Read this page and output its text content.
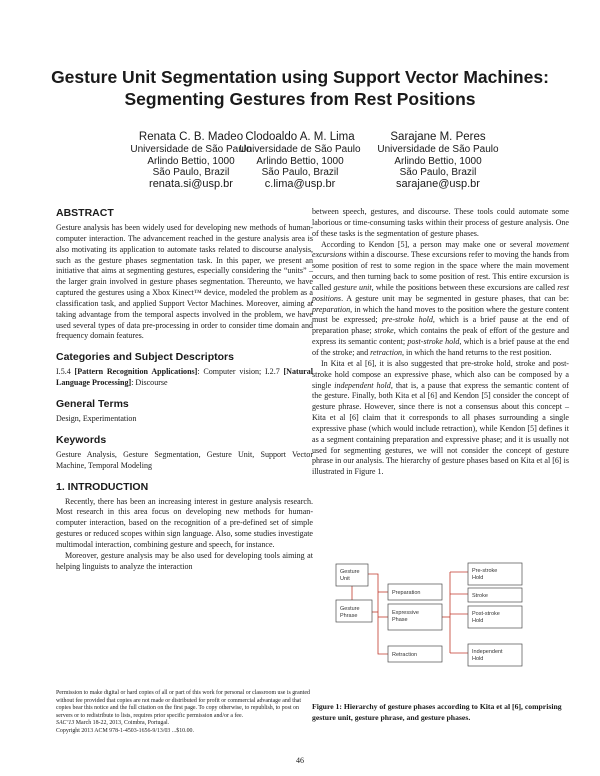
Gesture Unit Segmentation using Support Vector Machines: Segmenting Gestures from Rest Positions
Renata C. B. Madeo
Universidade de São Paulo
Arlindo Bettio, 1000
São Paulo, Brazil
renata.si@usp.br
Clodoaldo A. M. Lima
Universidade de São Paulo
Arlindo Bettio, 1000
São Paulo, Brazil
c.lima@usp.br
Sarajane M. Peres
Universidade de São Paulo
Arlindo Bettio, 1000
São Paulo, Brazil
sarajane@usp.br
ABSTRACT

Gesture analysis has been widely used for developing new methods of human-computer interaction. The advancement reached in the gesture analysis area is also motivating its application to automate tasks related to discourse analysis, such as the gesture phases segmentation task. In this paper, we present an initiative that aims at segmenting gestures, especially considering the “units” – the larger grain involved in gesture phases segmentation. Thereunto, we have captured the gestures using a Xbox Kinect™ device, modeled the problem as a classification task, and applied Support Vector Machines. Moreover, aiming at taking advantage from the temporal aspects involved in the problem, we have used several types of data pre-processing in order to consider time domain and frequency domain features.

Categories and Subject Descriptors

I.5.4 [Pattern Recognition Applications]: Computer vision; I.2.7 [Natural Language Processing]: Discourse

General Terms

Design, Experimentation

Keywords

Gesture Analysis, Gesture Segmentation, Gesture Unit, Support Vector Machine, Temporal Modeling

1. INTRODUCTION

Recently, there has been an increasing interest in gesture analysis research. Most research in this area focus on developing new methods for human-computer interaction, based on the recognition of a pre-defined set of simple gestures or reduced scopes within sign language. Also, some studies investigate multimodal interaction, combining gesture and speech, for instance.

Moreover, gesture analysis may be also used for developing tools aiming at helping linguists to analyze the interaction

Permission to make digital or hard copies of all or part of this work for personal or classroom use is granted without fee provided that copies are not made or distributed for profit or commercial advantage and that copies bear this notice and the full citation on the first page. To copy otherwise, to republish, to post on servers or to redistribute to lists, requires prior specific permission and/or a fee.
SAC’13 March 18-22, 2013, Coimbra, Portugal.
Copyright 2013 ACM 978-1-4503-1656-9/13/03 ...$10.00.

between speech, gestures, and discourse. These tools could automate some laborious or time-consuming tasks within their process of gesture analysis. One of these tasks is the segmentation of gesture phases.

According to Kendon [5], a person may make one or several movement excursions within a discourse. These excursions refer to moving the hands from some position of rest to some region in the space where the main movement occurs, and then turning back to some position of rest. This entire excursion is called gesture unit, while the positions between these excursions are called rest positions. A gesture unit may be segmented in gesture phases, that can be: preparation, in which the hand moves to the position where the gesture content must be expressed; pre-stroke hold, which is a brief pause at the end of preparation phase; stroke, which contains the peak of effort of the gesture and express its semantic content; post-stroke hold, which is a brief pause at the end of the stroke; and retraction, in which the hand returns to the rest position.

In Kita et al [6], it is also suggested that pre-stroke hold, stroke and post-stroke hold compose an expressive phase, which also can be composed by a single independent hold, that is, a pause that express the semantic content of the gesture. Finally, both Kita et al [6] and Kendon [5] consider the concept of gesture phrase. However, since there is not a consensus about this concept – Kita et al [6] claim that it corresponds to all phases surrounding a single expressive phase (which would include retraction), while Kendon [5] defines it as a segment containing preparation and expressive phase; and it is usually not used for segmenting gestures, we will not consider the concept of gesture phrase in our analysis. The hierarchy of gesture phases based on Kita et al [6] is illustrated in Figure 1.

Gesture Unit
Gesture Phrase
Preparation
Expressive Phase
Retraction
Pre-stroke Hold
Stroke
Post-stroke Hold
Independent Hold
Figure 1: Hierarchy of gesture phases according to Kita et al [6], comprising gesture unit, gesture phrase, and gesture phases.
46
